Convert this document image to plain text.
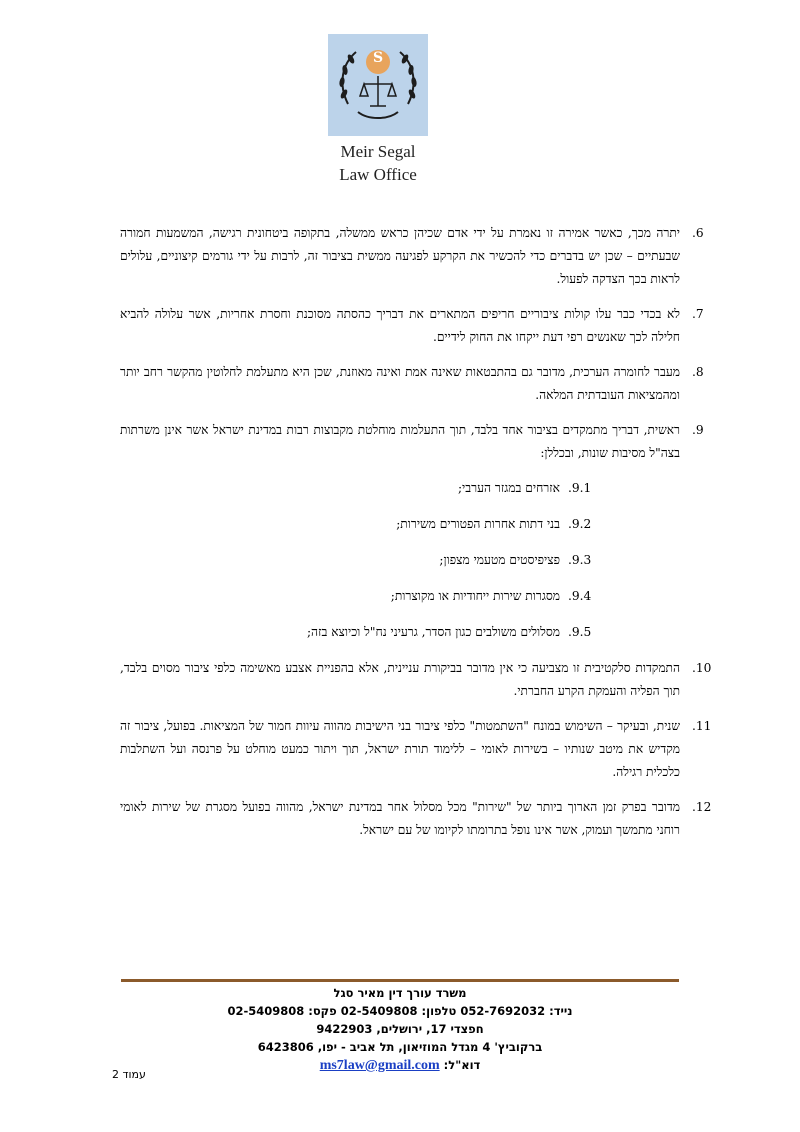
S
Meir Segal
Law Office
.6
יתרה מכך, כאשר אמירה זו נאמרת על ידי אדם שכיהן כראש ממשלה, בתקופה ביטחונית רגישה, המשמעות חמורה שבעתיים – שכן יש בדברים כדי להכשיר את הקרקע לפגיעה ממשית בציבור זה, לרבות על ידי גורמים קיצוניים, עלולים לראות בכך הצדקה לפעול.
.7
לא בכדי כבר עלו קולות ציבוריים חריפים המתארים את דבריך כהסתה מסוכנת וחסרת אחריות, אשר עלולה להביא חלילה לכך שאנשים רפי דעת ייקחו את החוק לידיים.
.8
מעבר לחומרה הערכית, מדובר גם בהתבטאות שאינה אמת ואינה מאוזנת, שכן היא מתעלמת לחלוטין מהקשר רחב יותר ומהמציאות העובדתית המלאה.
.9
ראשית, דבריך מתמקדים בציבור אחד בלבד, תוך התעלמות מוחלטת מקבוצות רבות במדינת ישראל אשר אינן משרתות בצה"ל מסיבות שונות, ובכללן:
.9.1
אזרחים במגזר הערבי;
.9.2
בני דתות אחרות הפטורים משירות;
.9.3
פציפיסטים מטעמי מצפון;
.9.4
מסגרות שירות ייחודיות או מקוצרות;
.9.5
מסלולים משולבים כגון הסדר, גרעיני נח"ל וכיוצא בזה;
.10
התמקדות סלקטיבית זו מצביעה כי אין מדובר בביקורת עניינית, אלא בהפניית אצבע מאשימה כלפי ציבור מסוים בלבד, תוך הפליה והעמקת הקרע החברתי.
.11
שנית, ובעיקר – השימוש במונח "השתמטות" כלפי ציבור בני הישיבות מהווה עיוות חמור של המציאות. בפועל, ציבור זה מקדיש את מיטב שנותיו – בשירות לאומי – ללימוד תורת ישראל, תוך ויתור כמעט מוחלט על פרנסה ועל השתלבות כלכלית רגילה.
.12
מדובר בפרק זמן הארוך ביותר של "שירות" מכל מסלול אחר במדינת ישראל, מהווה בפועל מסגרת של שירות לאומי רוחני מתמשך ועמוק, אשר אינו נופל בתרומתו לקיומו של עם ישראל.
משרד עורך דין מאיר סגל
נייד: 052-7692032 טלפון: 02-5409808 פקס: 02-5409808
חפצדי 17, ירושלים, 9422903
ברקוביץ' 4 מגדל המוזיאון, תל אביב - יפו, 6423806
דוא"ל: ms7law@gmail.com
עמוד 2
